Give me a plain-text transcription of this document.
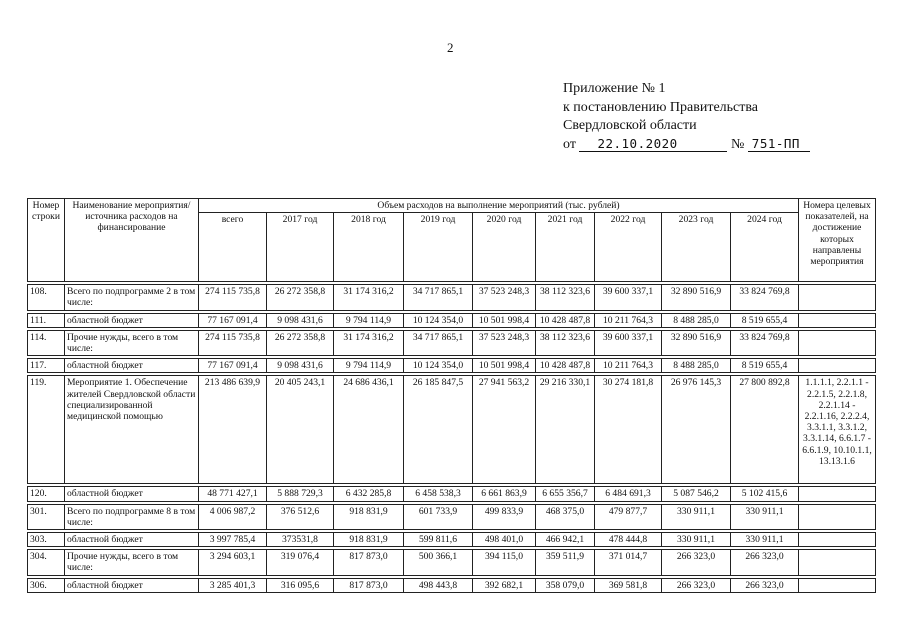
2
Приложение № 1
к постановлению Правительства
Свердловской области
от 22.10.2020	№ 751-ПП
Номер строки	Наименование мероприятия/ источника расходов на финансирование	Объем расходов на выполнение мероприятий (тыс. рублей)									Номера целевых показателей, на достижение которых направлены мероприятия
		всего	2017 год	2018 год	2019 год	2020 год	2021 год	2022 год	2023 год	2024 год	

108.	Всего по подпрограмме 2 в том числе:	274 115 735,8	26 272 358,8	31 174 316,2	34 717 865,1	37 523 248,3	38 112 323,6	39 600 337,1	32 890 516,9	33 824 769,8	

111.	областной бюджет	77 167 091,4	9 098 431,6	9 794 114,9	10 124 354,0	10 501 998,4	10 428 487,8	10 211 764,3	8 488 285,0	8 519 655,4	

114.	Прочие нужды, всего в том числе:	274 115 735,8	26 272 358,8	31 174 316,2	34 717 865,1	37 523 248,3	38 112 323,6	39 600 337,1	32 890 516,9	33 824 769,8	

117.	областной бюджет	77 167 091,4	9 098 431,6	9 794 114,9	10 124 354,0	10 501 998,4	10 428 487,8	10 211 764,3	8 488 285,0	8 519 655,4	

119.	Мероприятие 1. Обеспечение жителей Свердловской области специализированной медицинской помощью	213 486 639,9	20 405 243,1	24 686 436,1	26 185 847,5	27 941 563,2	29 216 330,1	30 274 181,8	26 976 145,3	27 800 892,8	1.1.1.1, 2.2.1.1 - 2.2.1.5, 2.2.1.8, 2.2.1.14 - 2.2.1.16, 2.2.2.4, 3.3.1.1, 3.3.1.2, 3.3.1.14, 6.6.1.7 - 6.6.1.9, 10.10.1.1, 13.13.1.6

120.	областной бюджет	48 771 427,1	5 888 729,3	6 432 285,8	6 458 538,3	6 661 863,9	6 655 356,7	6 484 691,3	5 087 546,2	5 102 415,6	

301.	Всего по подпрограмме 8 в том числе:	4 006 987,2	376 512,6	918 831,9	601 733,9	499 833,9	468 375,0	479 877,7	330 911,1	330 911,1	

303.	областной бюджет	3 997 785,4	373531,8	918 831,9	599 811,6	498 401,0	466 942,1	478 444,8	330 911,1	330 911,1	

304.	Прочие нужды, всего в том числе:	3 294 603,1	319 076,4	817 873,0	500 366,1	394 115,0	359 511,9	371 014,7	266 323,0	266 323,0	

306.	областной бюджет	3 285 401,3	316 095,6	817 873,0	498 443,8	392 682,1	358 079,0	369 581,8	266 323,0	266 323,0	
